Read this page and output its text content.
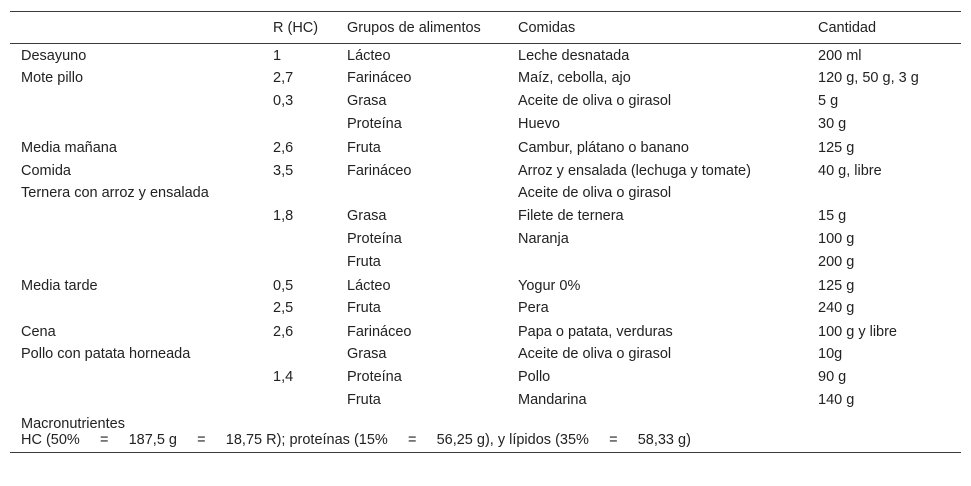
	R (HC)	Grupos de alimentos	Comidas	Cantidad
Desayuno	1	Lácteo	Leche desnatada	200 ml
Mote pillo	2,7	Farináceo	Maíz, cebolla, ajo	120 g, 50 g, 3 g
	0,3	Grasa	Aceite de oliva o girasol	5 g
		Proteína	Huevo	30 g
Media mañana	2,6	Fruta	Cambur, plátano o banano	125 g
Comida	3,5	Farináceo	Arroz y ensalada (lechuga y tomate)	40 g, libre
Ternera con arroz y ensalada			Aceite de oliva o girasol	
	1,8	Grasa	Filete de ternera	15 g
		Proteína	Naranja	100 g
		Fruta		200 g
Media tarde	0,5	Lácteo	Yogur 0%	125 g
	2,5	Fruta	Pera	240 g
Cena	2,6	Farináceo	Papa o patata, verduras	100 g y libre
Pollo con patata horneada		Grasa	Aceite de oliva o girasol	10g
	1,4	Proteína	Pollo	90 g
		Fruta	Mandarina	140 g
Macronutrientes				
HC (50% = 187,5 g = 18,75 R); proteínas (15% = 56,25 g), y lípidos (35% = 58,33 g)				
